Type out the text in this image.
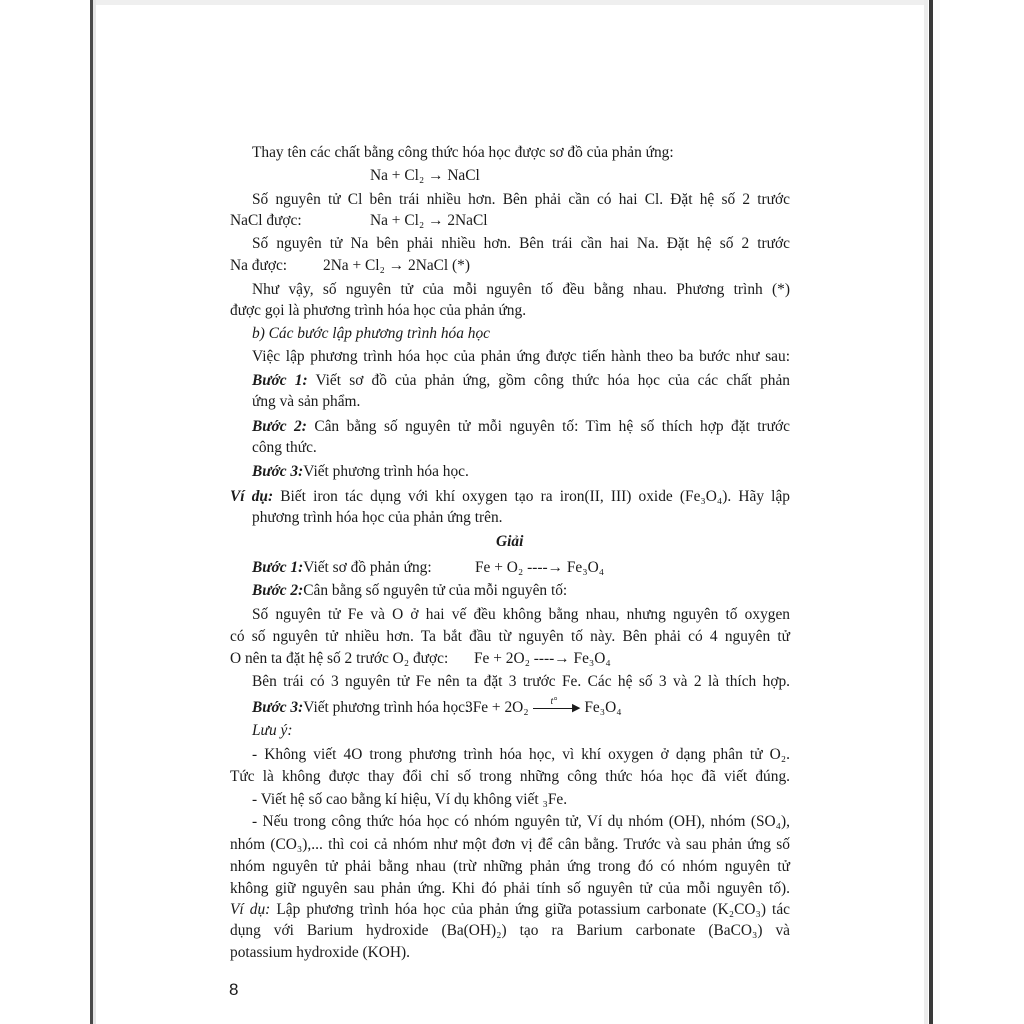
Thay tên các chất bằng công thức hóa học được sơ đồ của phản ứng:
Na + Cl₂ → NaCl
Số nguyên tử Cl bên trái nhiều hơn. Bên phải cần có hai Cl. Đặt hệ số 2 trước
NaCl được:	Na + Cl₂ → 2NaCl
Số nguyên tử Na bên phải nhiều hơn. Bên trái cần hai Na. Đặt hệ số 2 trước
Na được: 2Na + Cl₂ → 2NaCl (*)
Như vậy, số nguyên tử của mỗi nguyên tố đều bằng nhau. Phương trình (*)
được gọi là phương trình hóa học của phản ứng.
b) Các bước lập phương trình hóa học
Việc lập phương trình hóa học của phản ứng được tiến hành theo ba bước như sau:
Bước 1: Viết sơ đồ của phản ứng, gồm công thức hóa học của các chất phản
ứng và sản phẩm.
Bước 2: Cân bằng số nguyên tử mỗi nguyên tố: Tìm hệ số thích hợp đặt trước
công thức.
Bước 3:Viết phương trình hóa học.
Ví dụ: Biết iron tác dụng với khí oxygen tạo ra iron(II, III) oxide (Fe₃O₄). Hãy lập
phương trình hóa học của phản ứng trên.
Giải
Bước 1:Viết sơ đồ phản ứng:	Fe + O₂ ----→ Fe₃O₄
Bước 2:Cân bằng số nguyên tử của mỗi nguyên tố:
Số nguyên tử Fe và O ở hai vế đều không bằng nhau, nhưng nguyên tố oxygen
có số nguyên tử nhiều hơn. Ta bắt đầu từ nguyên tố này. Bên phải có 4 nguyên tử
O nên ta đặt hệ số 2 trước O₂ được: Fe + 2O₂ ----→ Fe₃O₄
Bên trái có 3 nguyên tử Fe nên ta đặt 3 trước Fe. Các hệ số 3 và 2 là thích hợp.
Bước 3:Viết phương trình hóa học:
3Fe + 2O₂ t°
▶ Fe₃O₄
Lưu ý:
- Không viết 4O trong phương trình hóa học, vì khí oxygen ở dạng phân tử O₂.
Tức là không được thay đổi chỉ số trong những công thức hóa học đã viết đúng.
- Viết hệ số cao bằng kí hiệu, Ví dụ không viết ₃Fe.
- Nếu trong công thức hóa học có nhóm nguyên tử, Ví dụ nhóm (OH), nhóm (SO₄),
nhóm (CO₃),... thì coi cả nhóm như một đơn vị để cân bằng. Trước và sau phản ứng số
nhóm nguyên tử phải bằng nhau (trừ những phản ứng trong đó có nhóm nguyên tử
không giữ nguyên sau phản ứng. Khi đó phải tính số nguyên tử của mỗi nguyên tố).
Ví dụ: Lập phương trình hóa học của phản ứng giữa potassium carbonate (K₂CO₃) tác
dụng với Barium hydroxide (Ba(OH)₂) tạo ra Barium carbonate (BaCO₃) và
potassium hydroxide (KOH).
8
